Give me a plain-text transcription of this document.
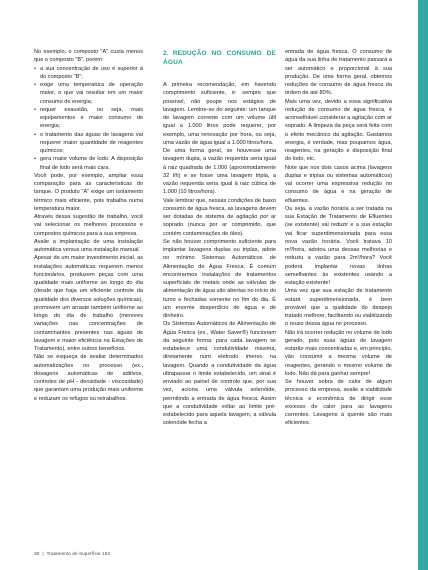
No exemplo, o composto "A" custa menos que o composto "B", porém:

• a sua concentração de uso é superior à do composto "B";
• exige uma temperatura de operação maior, o que vai resultar em um maior consumo de energia;
• requer exaustão, ou seja, mais equipamentos e maior consumo de energia;
• o tratamento das águas de lavagens vai requerer maior quantidade de reagentes químicos;
• gera maior volume de lodo. A disposição final de lodo será mais cara.

Você pode, por exemplo, ampliar essa comparação para as características do tanque. O produto "A" exige um isolamento térmico mais eficiente, pois trabalha numa temperatura maior.

Através dessa sugestão de trabalho, você vai selecionar os melhores processos e compostos químicos para a sua empresa.

Avalie a implantação de uma instalação automática versus uma instalação manual.

Apesar de um maior investimento inicial, as instalações automáticas requerem menos funcionários, produzem peças com uma qualidade mais uniforme ao longo do dia (desde que haja um eficiente controle da qualidade dos diversos soluções químicas), promovem um arraste também uniforme ao longo do dia de trabalho (menores variações nas concentrações de contaminantes presentes nas águas de lavagem e maior eficiência na Estações de Tratamento), entre outros benefícios.

Não se esqueça de avaliar determinados automatizações no processo (ex., dosagens automáticas de aditivos, controles de pH - densidade - viscosidade) que garantam uma produção mais uniforme e reduzam os refugos ou retrabalhos.

2. REDUÇÃO NO CONSUMO DE ÁGUA

A primeira recomendação, em havendo comprimento suficiente, é: sempre que possível, não poupe nos estágios de lavagem. Lembre-se do seguinte: um tanque de lavagem corrente com um volume útil igual a 1.000 litros pode requerer, por exemplo, uma renovação por hora, ou seja, uma vazão de água igual a 1.000 litros/hora.

De uma forma geral, se houvesse uma lavagem dupla, a vazão requerida seria igual à raiz quadrada de 1.000 (aproximadamente 32 l/h) e se fosse uma lavagem tripla, a vazão requerida seria igual à raiz cúbica de 1.000 (10 litros/hora).

Vale lembrar que, nessas condições de baixo consumo de água fresca, as lavagens devem ser dotadas de sistema de agitação por ar soprado (nunca por ar comprimido, que contém contaminações de óleo).

Se não houver comprimento suficiente para implantar lavagens duplas ou triplas, adote no mínimo Sistemas Automáticos de Alimentação de Água Fresca. É comum encontrarmos instalações de tratamentos superficiais de metais onde as válvulas de alimentação de água são abertas no início do turno e fechadas somente no fim do dia. É um enorme desperdício de água e de dinheiro.

Os Sistemas Automáticos de Alimentação de Água Fresca (ex., Water Saver®) funcionam da seguinte forma: para cada lavagem se estabelece uma condutividade máxima, diretamente num eletrodo imerso na lavagem. Quando a condutividade da água ultrapassar o limite estabelecido, um sinal é enviado ao painel de controle que, por sua vez, aciona uma válvula solenóide, permitindo a entrada de água fresca. Assim que a condutividade voltar ao limite pré-estabelecido para aquela lavagem, a válvula solenóide fecha a

entrada de água fresca. O consumo de água da sua linha de tratamento passará a ser automático e proporcional à sua produção. De uma forma geral, obtemos reduções de consumo de água fresca da ordem de até 80%.

Mais uma vez, devido a essa significativa redução de consumo de água fresca, é aconselhável considerar a agitação com ar soprado. A limpeza da peça será feita com o efeito mecânico da agitação. Gastamos energia, é verdade, mas poupamos água, reagentes, na geração e disposição final do lodo, etc.

Note que nos dois casos acima (lavagens duplas e triplas ou sistemas automáticos) vai ocorrer uma expressiva redução no consumo de água e na geração de efluentes.

Ou seja, a vazão horária a ser tratada na sua Estação de Tratamento de Efluentes (se existente) vai reduzir e a sua estação vai ficar superdimensionada para essa nova vazão horária. Você tratava 10 m³/hora, adotou uma dessas melhorias e reduziu a vazão para 2m³/hora? Você poderá implantar novas linhas semelhantes às existentes usando a estação existente!

Uma vez que sua estação de tratamento estará superdimensionada, é bem provável que a qualidade do despejo tratado melhore, facilitando ou viabilizando o reuso dessa água no processo.

Não irá ocorrer redução no volume de lodo gerado, pois suas águas de lavagem estarão mais concentradas e, em princípio, vão consumir a mesma volume de reagentes, gerando o mesmo volume de lodo. Não dá para ganhar sempre!

Se houver sobra de calor de algum processo da empresa, avalie a viabilidade técnica e econômica de dirigir esse excesso de calor para as lavagens correntes. Lavagens à quente são mais eficientes.

38 | Tratamento de Superfície 162
